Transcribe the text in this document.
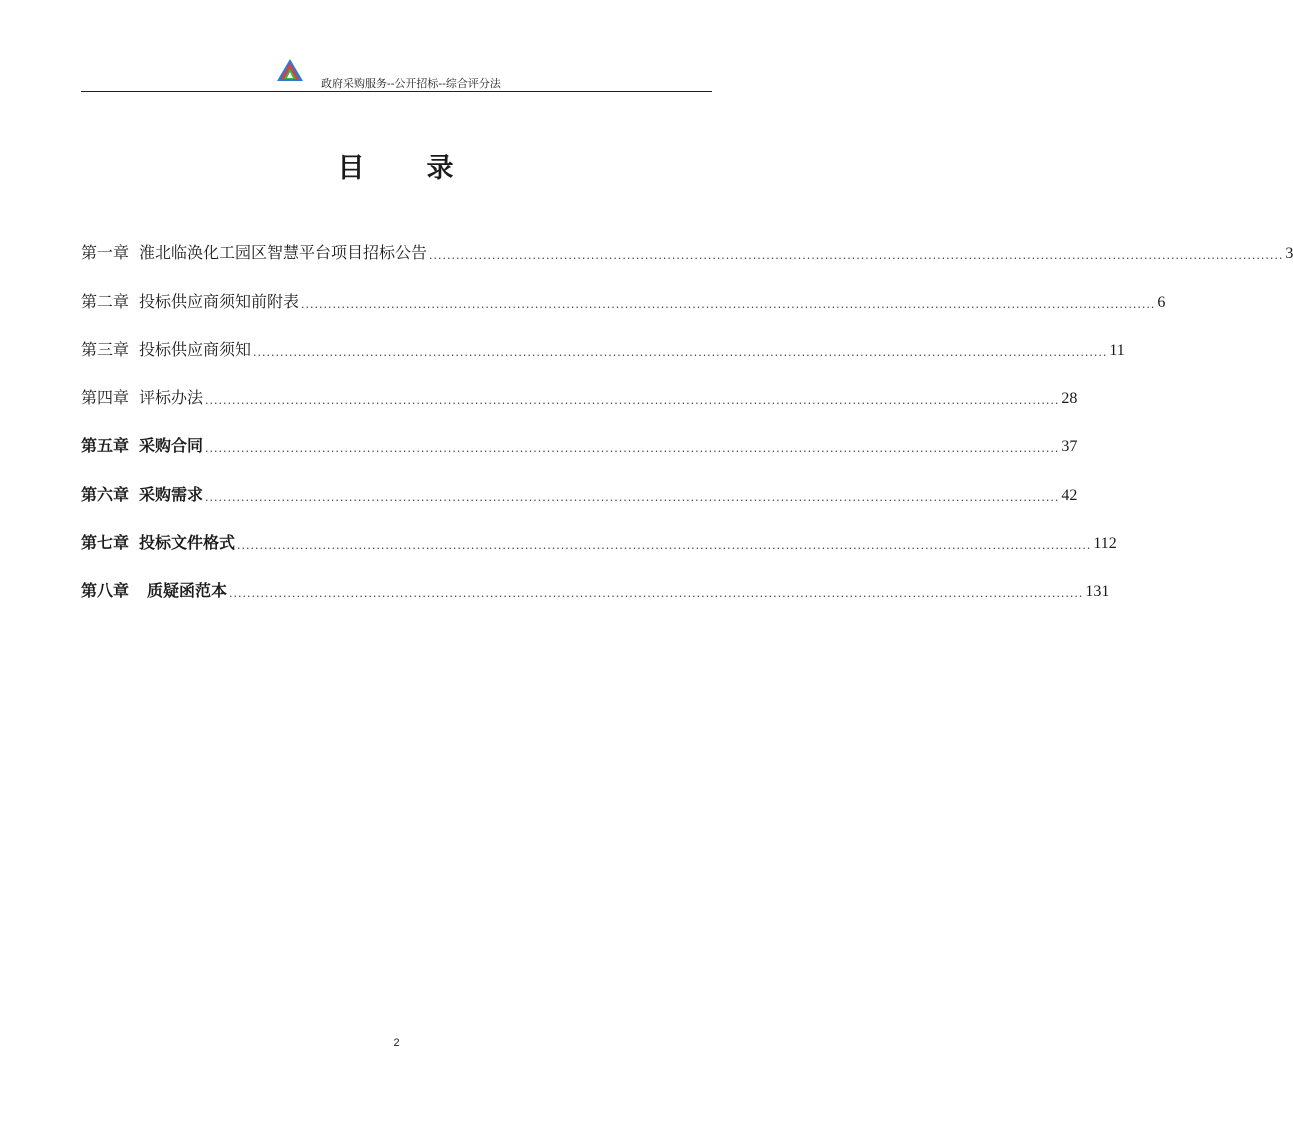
政府采购服务--公开招标--综合评分法
目 录
第一章 淮北临涣化工园区智慧平台项目招标公告 .............................................................................................................................................................................................. 3
第二章 投标供应商须知前附表 .............................................................................................................................................................................................. 6
第三章 投标供应商须知 .............................................................................................................................................................................................. 11
第四章 评标办法 .............................................................................................................................................................................................. 28
第五章 采购合同 .............................................................................................................................................................................................. 37
第六章 采购需求 .............................................................................................................................................................................................. 42
第七章 投标文件格式 .............................................................................................................................................................................................. 112
第八章 质疑函范本 .............................................................................................................................................................................................. 131
2
